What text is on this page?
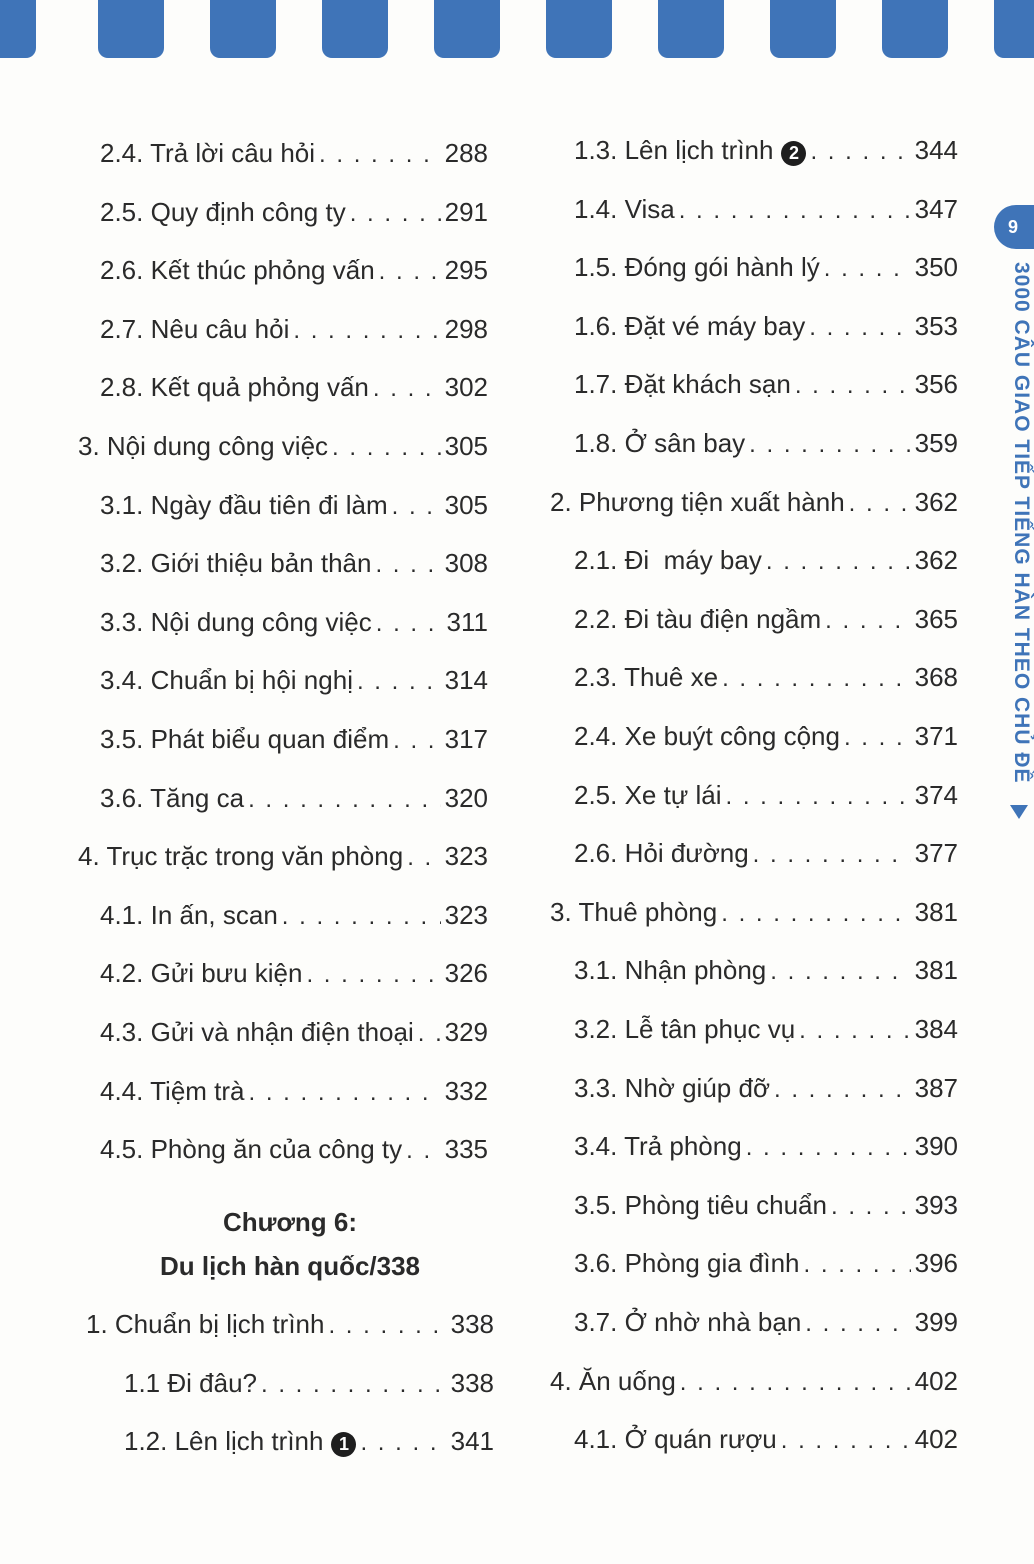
2.4. Trả lời câu hỏi . . .	288
2.5. Quy định công ty . . .	291
2.6. Kết thúc phỏng vấn . . .	295
2.7. Nêu câu hỏi . . .	298
2.8. Kết quả phỏng vấn . . .	302
3. Nội dung công việc . . .	305
3.1. Ngày đầu tiên đi làm . . . 305
3.2. Giới thiệu bản thân . . .	308
3.3. Nội dung công việc . . .	311
3.4. Chuẩn bị hội nghị . . .	314
3.5. Phát biểu quan điểm . . . 317
3.6. Tăng ca . . .	320
4. Trục trặc trong văn phòng . . . 323
4.1. In ấn, scan . . .	323
4.2. Gửi bưu kiện . . .	326
4.3. Gửi và nhận điện thoại . . . 329
4.4. Tiệm trà . . .	332
4.5. Phòng ăn của công ty . . . 335
Chương 6:
Du lịch hàn quốc/338
1. Chuẩn bị lịch trình . . .	338
1.1 Đi đâu? . . .	338
1.2. Lên lịch trình 1 . . .	341
1.3. Lên lịch trình 2 . . .	344
1.4. Visa . . .	347
1.5. Đóng gói hành lý . . .	350
1.6. Đặt vé máy bay . . .	353
1.7. Đặt khách sạn . . .	356
1.8. Ở sân bay . . .	359
2. Phương tiện xuất hành . . .	362
2.1. Đi  máy bay . . .	362
2.2. Đi tàu điện ngầm . . .	365
2.3. Thuê xe . . .	368
2.4. Xe buýt công cộng . . .	371
2.5. Xe tự lái . . .	374
2.6. Hỏi đường . . .	377
3. Thuê phòng . . .	381
3.1. Nhận phòng . . .	381
3.2. Lễ tân phục vụ . . .	384
3.3. Nhờ giúp đỡ . . .	387
3.4. Trả phòng . . .	390
3.5. Phòng tiêu chuẩn . . .	393
3.6. Phòng gia đình . . .	396
3.7. Ở nhờ nhà bạn . . .	399
4. Ăn uống . . .	402
4.1. Ở quán rượu . . .	402
9
3000 CÂU GIAO TIẾP TIẾNG HÀN THEO CHỦ ĐỀ
